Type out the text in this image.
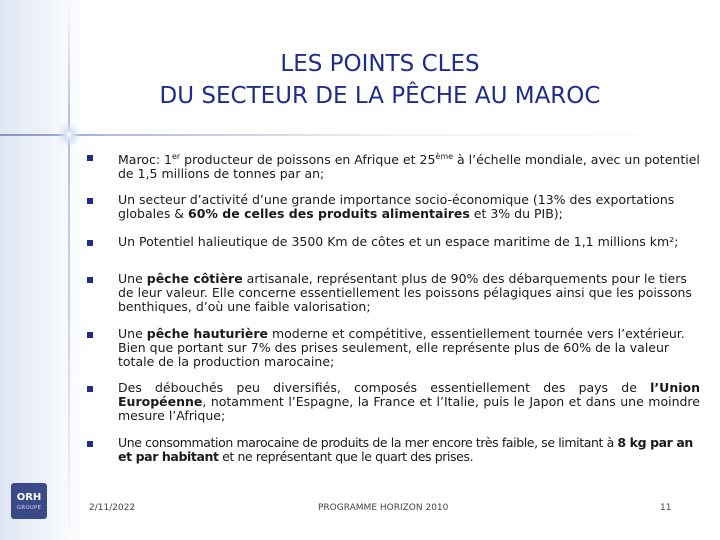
LES POINTS CLES
DU SECTEUR DE LA PÊCHE AU MAROC
Maroc: 1er producteur de poissons en Afrique et 25ème à l’échelle mondiale, avec un potentiel de 1,5 millions de tonnes par an;
Un secteur d’activité d’une grande importance socio-économique (13% des exportations globales & 60% de celles des produits alimentaires et 3% du PIB);
Un Potentiel halieutique de 3500 Km de côtes et un espace maritime de 1,1 millions km²;
Une pêche côtière artisanale, représentant plus de 90% des débarquements pour le tiers de leur valeur. Elle concerne essentiellement les poissons pélagiques ainsi que les poissons benthiques, d’où une faible valorisation;
Une pêche hauturière moderne et compétitive, essentiellement tournée vers l’extérieur. Bien que portant sur 7% des prises seulement, elle représente plus de 60% de la valeur totale de la production marocaine;
Des débouchés peu diversifiés, composés essentiellement des pays de l’Union Européenne, notamment l’Espagne, la France et l’Italie, puis le Japon et dans une moindre mesure l’Afrique;
Une consommation marocaine de produits de la mer encore très faible, se limitant à 8 kg par an et par habitant et ne représentant que le quart des prises.
ORH
GROUPE	2/11/2022	PROGRAMME HORIZON 2010	11
